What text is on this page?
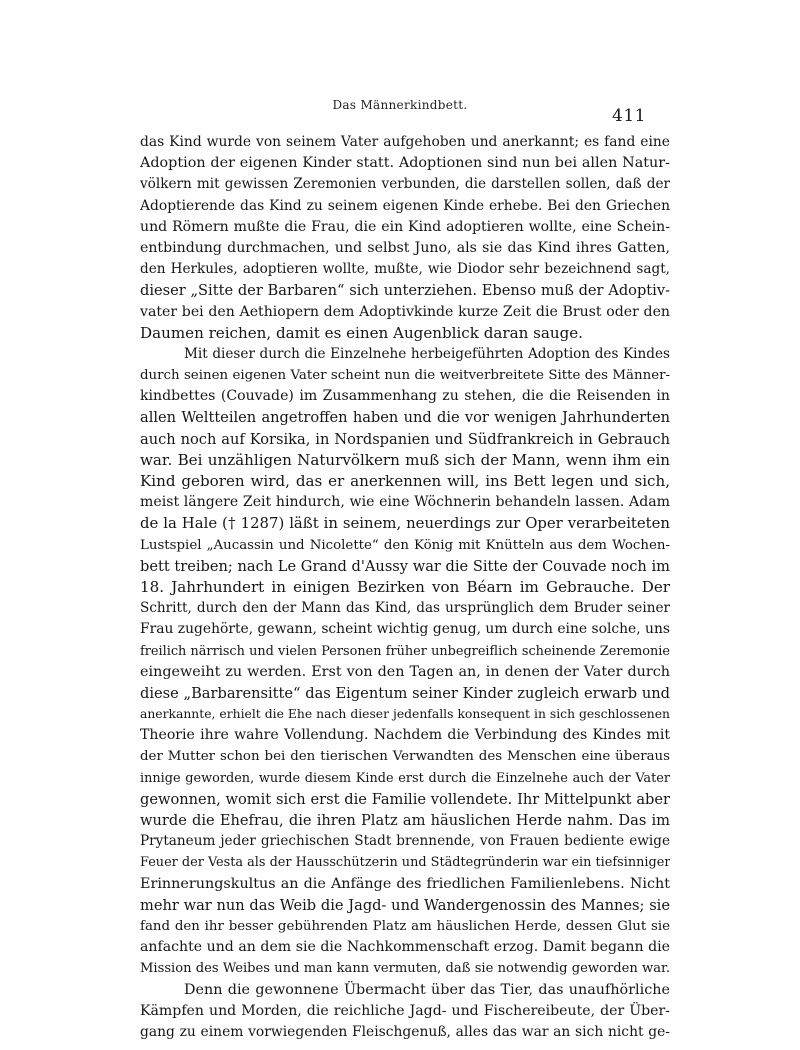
Das Männerkindbett.
411
das Kind wurde von seinem Vater aufgehoben und anerkannt; es fand eine
Adoption der eigenen Kinder statt. Adoptionen sind nun bei allen Natur-
völkern mit gewissen Zeremonien verbunden, die darstellen sollen, daß der
Adoptierende das Kind zu seinem eigenen Kinde erhebe. Bei den Griechen
und Römern mußte die Frau, die ein Kind adoptieren wollte, eine Schein-
entbindung durchmachen, und selbst Juno, als sie das Kind ihres Gatten,
den Herkules, adoptieren wollte, mußte, wie Diodor sehr bezeichnend sagt,
dieser „Sitte der Barbaren“ sich unterziehen. Ebenso muß der Adoptiv-
vater bei den Aethiopern dem Adoptivkinde kurze Zeit die Brust oder den
Daumen reichen, damit es einen Augenblick daran sauge.
Mit dieser durch die Einzelnehe herbeigeführten Adoption des Kindes
durch seinen eigenen Vater scheint nun die weitverbreitete Sitte des Männer-
kindbettes (Couvade) im Zusammenhang zu stehen, die die Reisenden in
allen Weltteilen angetroffen haben und die vor wenigen Jahrhunderten
auch noch auf Korsika, in Nordspanien und Südfrankreich in Gebrauch
war. Bei unzähligen Naturvölkern muß sich der Mann, wenn ihm ein
Kind geboren wird, das er anerkennen will, ins Bett legen und sich,
meist längere Zeit hindurch, wie eine Wöchnerin behandeln lassen. Adam
de la Hale († 1287) läßt in seinem, neuerdings zur Oper verarbeiteten
Lustspiel „Aucassin und Nicolette“ den König mit Knütteln aus dem Wochen-
bett treiben; nach Le Grand d'Aussy war die Sitte der Couvade noch im
18. Jahrhundert in einigen Bezirken von Béarn im Gebrauche. Der
Schritt, durch den der Mann das Kind, das ursprünglich dem Bruder seiner
Frau zugehörte, gewann, scheint wichtig genug, um durch eine solche, uns
freilich närrisch und vielen Personen früher unbegreiflich scheinende Zeremonie
eingeweiht zu werden. Erst von den Tagen an, in denen der Vater durch
diese „Barbarensitte“ das Eigentum seiner Kinder zugleich erwarb und
anerkannte, erhielt die Ehe nach dieser jedenfalls konsequent in sich geschlossenen
Theorie ihre wahre Vollendung. Nachdem die Verbindung des Kindes mit
der Mutter schon bei den tierischen Verwandten des Menschen eine überaus
innige geworden, wurde diesem Kinde erst durch die Einzelnehe auch der Vater
gewonnen, womit sich erst die Familie vollendete. Ihr Mittelpunkt aber
wurde die Ehefrau, die ihren Platz am häuslichen Herde nahm. Das im
Prytaneum jeder griechischen Stadt brennende, von Frauen bediente ewige
Feuer der Vesta als der Hausschützerin und Städtegründerin war ein tiefsinniger
Erinnerungskultus an die Anfänge des friedlichen Familienlebens. Nicht
mehr war nun das Weib die Jagd- und Wandergenossin des Mannes; sie
fand den ihr besser gebührenden Platz am häuslichen Herde, dessen Glut sie
anfachte und an dem sie die Nachkommenschaft erzog. Damit begann die
Mission des Weibes und man kann vermuten, daß sie notwendig geworden war.
Denn die gewonnene Übermacht über das Tier, das unaufhörliche
Kämpfen und Morden, die reichliche Jagd- und Fischereibeute, der Über-
gang zu einem vorwiegenden Fleischgenuß, alles das war an sich nicht ge-
